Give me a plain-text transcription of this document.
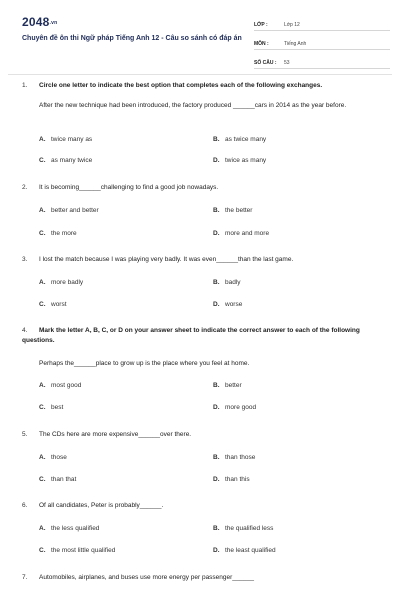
2048.vn
Chuyên đề ôn thi Ngữ pháp Tiếng Anh 12 - Câu so sánh có đáp án
LỚP :	Lớp 12
MÔN :	Tiếng Anh
SỐ CÂU :	53
1. Circle one letter to indicate the best option that completes each of the following exchanges.
After the new technique had been introduced, the factory produced ______cars in 2014 as the year before.
A. twice many as	B. as twice many
C. as many twice	D. twice as many
2. It is becoming______challenging to find a good job nowadays.
A. better and better	B. the better
C. the more	D. more and more
3. I lost the match because I was playing very badly. It was even______than the last game.
A. more badly	B. badly
C. worst	D. worse
4. Mark the letter A, B, C, or D on your answer sheet to indicate the correct answer to each of the following questions.
Perhaps the______place to grow up is the place where you feel at home.
A. most good	B. better
C. best	D. more good
5. The CDs here are more expensive______over there.
A. those	B. than those
C. than that	D. than this
6. Of all candidates, Peter is probably______.
A. the less qualified	B. the qualified less
C. the most little qualified	D. the least qualified
7. Automobiles, airplanes, and buses use more energy per passenger______
